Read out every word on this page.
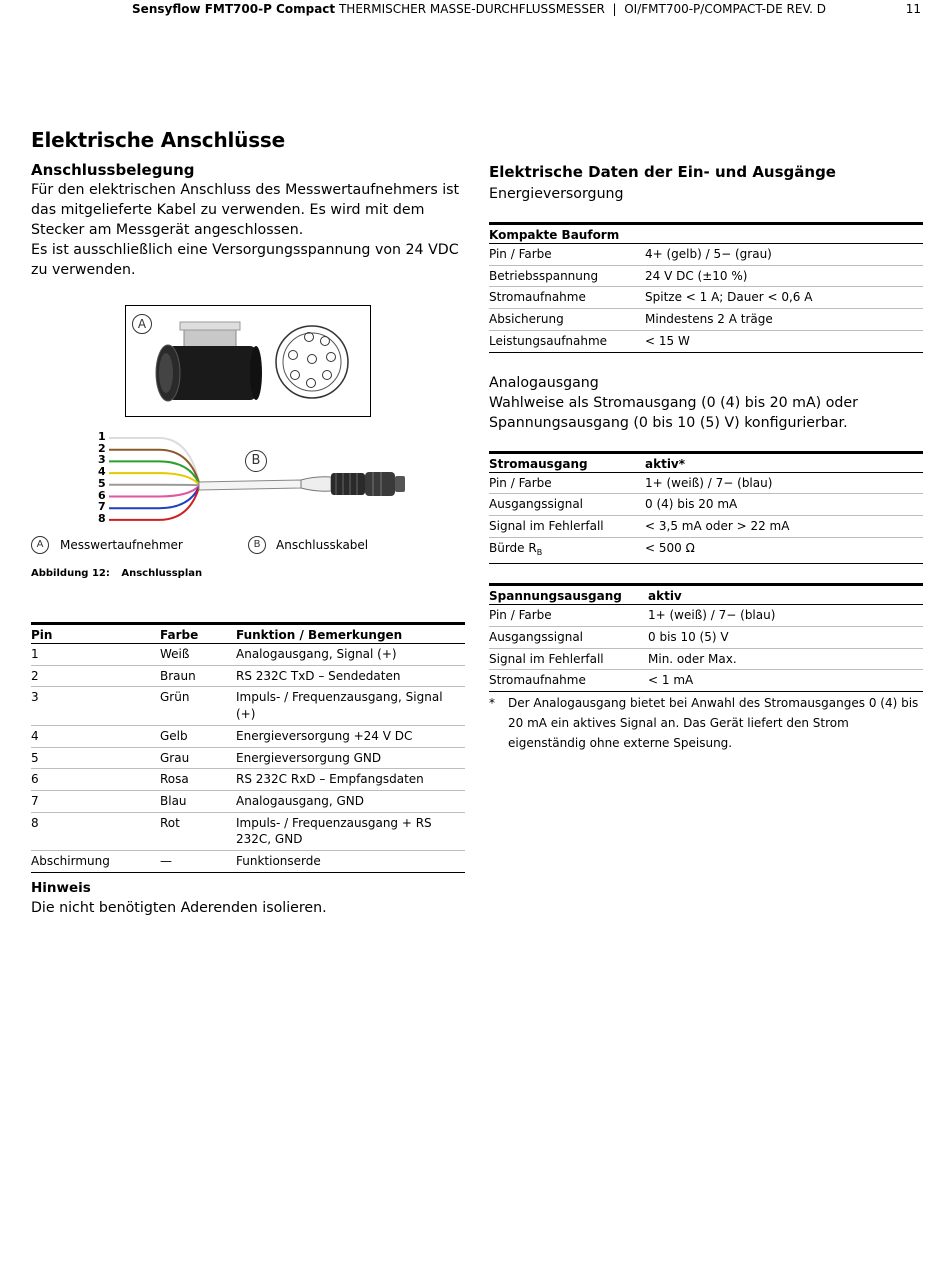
Sensyflow FMT700-P Compact THERMISCHER MASSE-DURCHFLUSSMESSER | OI/FMT700-P/COMPACT-DE REV. D	11
Elektrische Anschlüsse

Anschlussbelegung

Für den elektrischen Anschluss des Messwertaufnehmers ist das mitgelieferte Kabel zu verwenden. Es wird mit dem Stecker am Messgerät angeschlossen.

Es ist ausschließlich eine Versorgungsspannung von 24 VDC zu verwenden.

A
1
2
3
4
5
6
7
8
B
A	Messwertaufnehmer	B	Anschlusskabel
Abbildung 12: Anschlussplan
Pin	Farbe	Funktion / Bemerkungen
1	Weiß	Analogausgang, Signal (+)
2	Braun	RS 232C TxD – Sendedaten
3	Grün	Impuls- / Frequenzausgang, Signal (+)
4	Gelb	Energieversorgung +24 V DC
5	Grau	Energieversorgung GND
6	Rosa	RS 232C RxD – Empfangsdaten
7	Blau	Analogausgang, GND
8	Rot	Impuls- / Frequenzausgang + RS 232C, GND
Abschirmung	—	Funktionserde

Hinweis

Die nicht benötigten Aderenden isolieren.

Elektrische Daten der Ein- und Ausgänge

Energieversorgung

Kompakte Bauform	
Pin / Farbe	4+ (gelb) / 5− (grau)
Betriebsspannung	24 V DC (±10 %)
Stromaufnahme	Spitze < 1 A; Dauer < 0,6 A
Absicherung	Mindestens 2 A träge
Leistungsaufnahme	< 15 W

Analogausgang

Wahlweise als Stromausgang (0 (4) bis 20 mA) oder Spannungsausgang (0 bis 10 (5) V) konfigurierbar.

Stromausgang	aktiv*
Pin / Farbe	1+ (weiß) / 7− (blau)
Ausgangssignal	0 (4) bis 20 mA
Signal im Fehlerfall	< 3,5 mA oder > 22 mA
Bürde $R_B$	< 500 Ω
Spannungsausgang	aktiv
Pin / Farbe	1+ (weiß) / 7− (blau)
Ausgangssignal	0 bis 10 (5) V
Signal im Fehlerfall	Min. oder Max.
Stromaufnahme	< 1 mA
* Der Analogausgang bietet bei Anwahl des Stromausganges 0 (4) bis 20 mA ein aktives Signal an. Das Gerät liefert den Strom eigenständig ohne externe Speisung.
